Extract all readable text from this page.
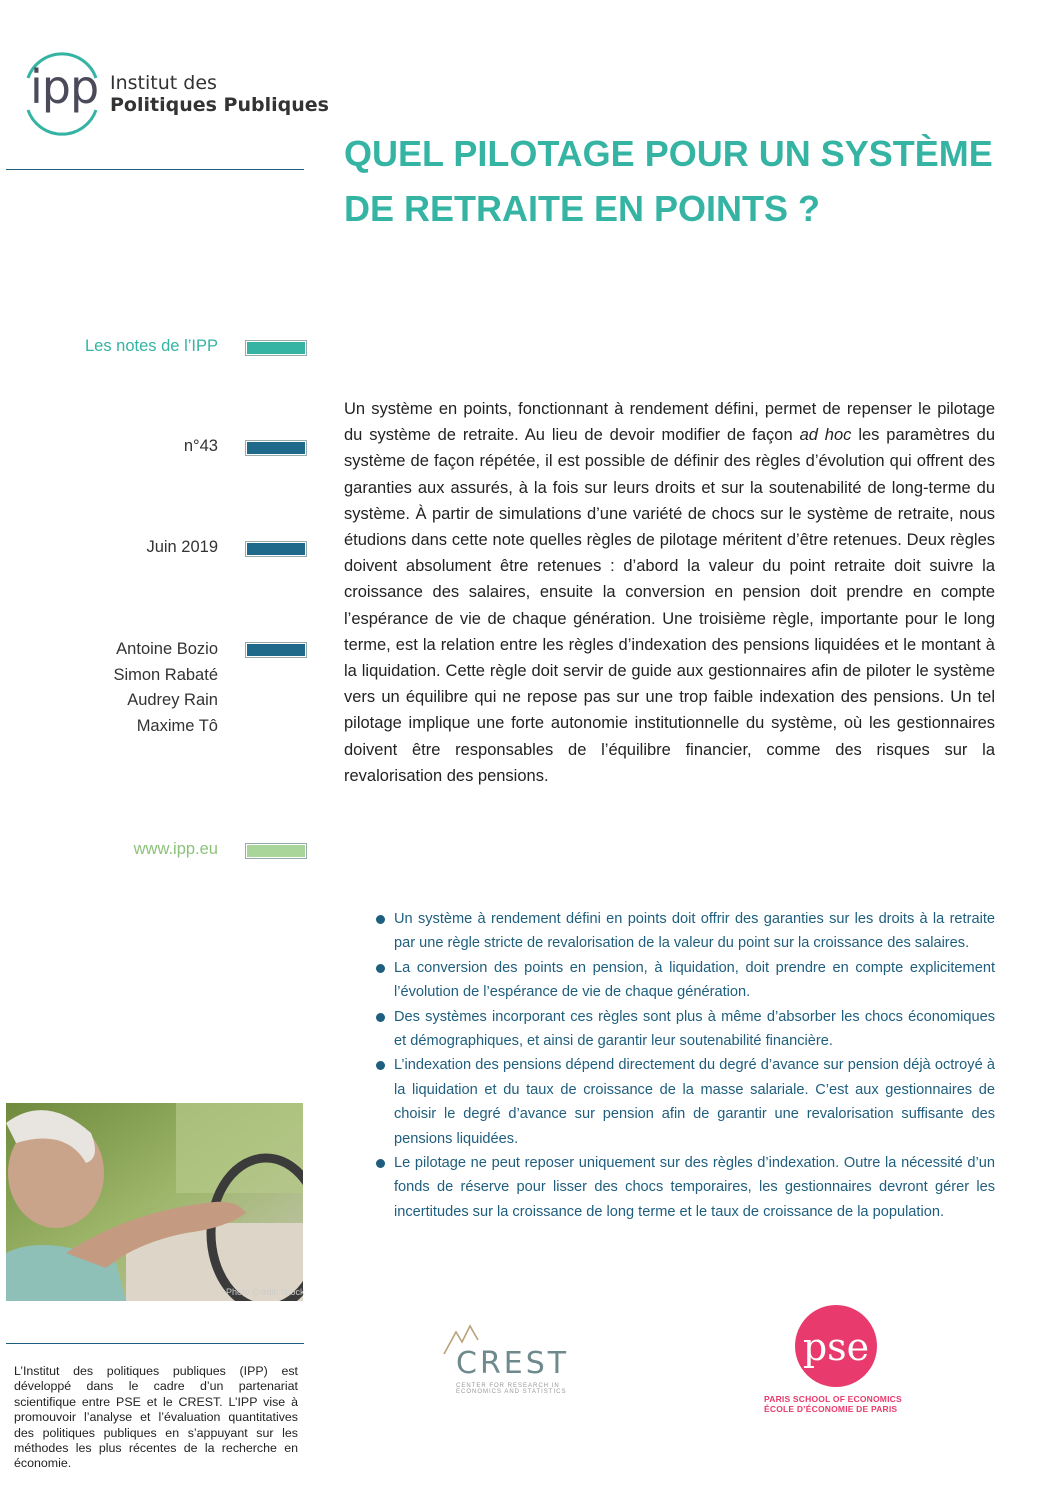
ipp Institut des
Politiques Publiques
QUEL PILOTAGE POUR UN SYSTÈME
DE RETRAITE EN POINTS ?
Les notes de l’IPP
n°43
Juin 2019
Antoine Bozio
Simon Rabaté
Audrey Rain
Maxime Tô
www.ipp.eu
Un système en points, fonctionnant à rendement défini, permet de repenser le pilotage du système de retraite. Au lieu de devoir modifier de façon ad hoc les paramètres du système de façon répétée, il est possible de définir des règles d’évolution qui offrent des garanties aux assurés, à la fois sur leurs droits et sur la soutenabilité de long-terme du système. À partir de simulations d’une variété de chocs sur le système de retraite, nous étudions dans cette note quelles règles de pilotage méritent d’être retenues. Deux règles doivent absolument être retenues : d’abord la valeur du point retraite doit suivre la croissance des salaires, ensuite la conversion en pension doit prendre en compte l’espérance de vie de chaque génération. Une troisième règle, importante pour le long terme, est la relation entre les règles d’indexation des pensions liquidées et le montant à la liquidation. Cette règle doit servir de guide aux gestionnaires afin de piloter le système vers un équilibre qui ne repose pas sur une trop faible indexation des pensions. Un tel pilotage implique une forte autonomie institutionnelle du système, où les gestionnaires doivent être responsables de l’équilibre financier, comme des risques sur la revalorisation des pensions.
Un système à rendement défini en points doit offrir des garanties sur les droits à la retraite par une règle stricte de revalorisation de la valeur du point sur la croissance des salaires.
La conversion des points en pension, à liquidation, doit prendre en compte explicitement l’évolution de l’espérance de vie de chaque génération.
Des systèmes incorporant ces règles sont plus à même d’absorber les chocs économiques et démographiques, et ainsi de garantir leur soutenabilité financière.
L’indexation des pensions dépend directement du degré d’avance sur pension déjà octroyé à la liquidation et du taux de croissance de la masse salariale. C’est aux gestionnaires de choisir le degré d’avance sur pension afin de garantir une revalorisation suffisante des pensions liquidées.
Le pilotage ne peut reposer uniquement sur des règles d’indexation. Outre la nécessité d’un fonds de réserve pour lisser des chocs temporaires, les gestionnaires devront gérer les incertitudes sur la croissance de long terme et le taux de croissance de la population.
Photo Credit: Istock
L’Institut des politiques publiques (IPP) est développé dans le cadre d’un partenariat scientifique entre PSE et le CREST. L’IPP vise à promouvoir l’analyse et l’évaluation quantitatives des politiques publiques en s’appuyant sur les méthodes les plus récentes de la recherche en économie.
CREST
CENTER FOR RESEARCH IN ECONOMICS AND STATISTICS
pse
PARIS SCHOOL OF ECONOMICS
ÉCOLE D’ÉCONOMIE DE PARIS
